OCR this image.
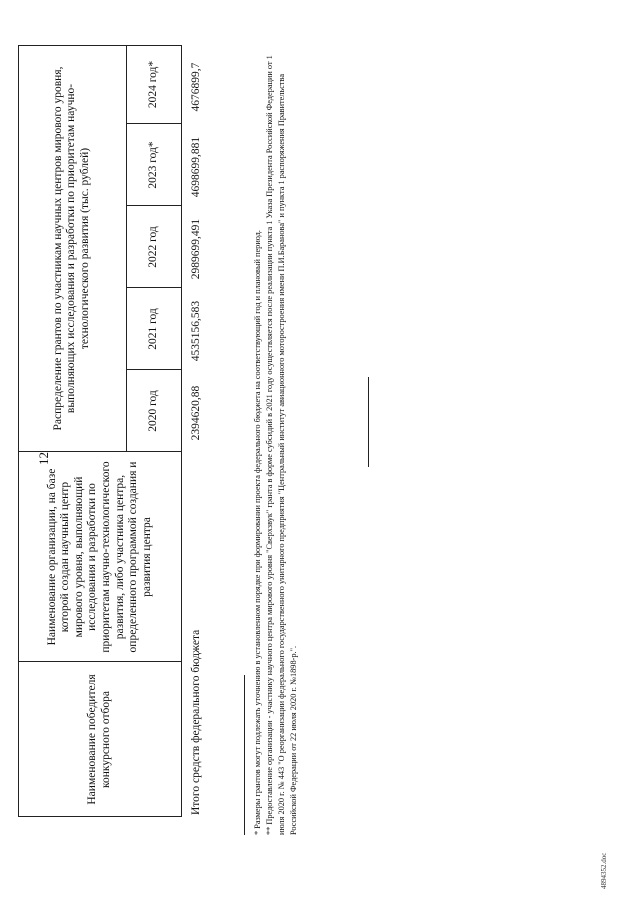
12
Наименование победителя конкурсного отбора
Наименование организации, на базе которой создан научный центр мирового уровня, выполняющий исследования и разработки по приоритетам научно-технологического развития, либо участника центра, определенного программой создания и развития центра
Распределение грантов по участникам научных центров мирового уровня, выполняющих исследования и разработки по приоритетам научно-технологического развития (тыс. рублей)
2020 год
2021 год
2022 год
2023 год*
2024 год*
Итого средств федерального бюджета
2394620,88
4535156,583
2989699,491
4698699,881
4676899,7

* Размеры грантов могут подлежать уточнению в установленном порядке при формировании проекта федерального бюджета на соответствующий год и плановый период. ** Предоставление организации - участнику научного центра мирового уровня "Сверхзвук" гранта в форме субсидий в 2021 году осуществляется после реализации пункта 1 Указа Президента Российской Федерации от 1 июля 2020 г. № 443 "О реорганизации федерального государственного унитарного предприятия "Центральный институт авиационного моторостроения имени П.И.Баранова" и пункта 1 распоряжения Правительства Российской Федерации от 22 июля 2020 г. №1898-р.".

4894352.doc
